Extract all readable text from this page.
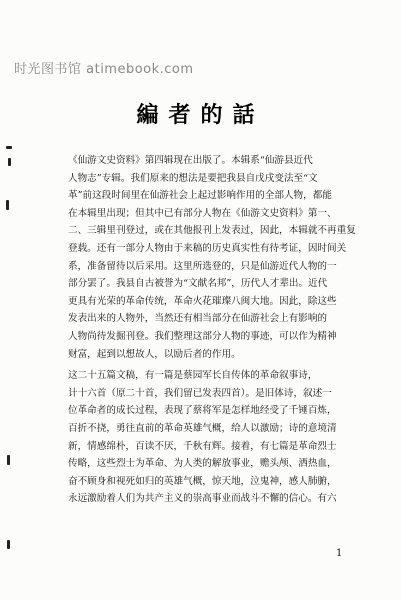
时光图书馆 atimebook.com
編者的話
《仙游文史资料》第四辑现在出版了。本辑系“仙游县近代
人物志”专辑。我们原来的想法是要把我县自戊戌变法至“文
革”前这段时间里在仙游社会上起过影响作用的全部人物，都能
在本辑里出现；但其中已有部分人物在《仙游文史资料》第一、
二、三辑里刊登过，或在其他报刊上发表过，因此，本辑就不再重复
登载。还有一部分人物由于来稿的历史真实性有待考证，因时间关
系，准备留待以后采用。这里所选登的，只是仙游近代人物的一
部分罢了。我县自古被誉为“文献名邦”，历代人才辈出。近代
更具有光荣的革命传统，革命火花璀璨八闽大地。因此，除这些
发表出来的人物外，当然还有相当部分在仙游社会上有影响的
人物尚待发掘刊登。我们整理这部分人物的事迹，可以作为精神
财富，起到以想故人，以励后者的作用。
这二十五篇文稿，有一篇是蔡园军长自传体的革命叙事诗，
计十六首（原二十首，我们留已发表四首）。是旧体诗，叙述一
位革命者的成长过程，表现了蔡将军是怎样地经受了千锤百炼，
百折不挠，勇往直前的革命英雄气概，给人以激励；诗的意境清
新，情感绵朴，百读不厌，千秋有辉。接着，有七篇是革命烈士
传略，这些烈士为革命、为人类的解放事业，赡头颅、洒热血，
奋不顾身和视死如归的英雄气概，惊天地，泣鬼神，感人肺腑，
永远激励着人们为共产主义的崇高事业而战斗不懈的信心。有六
1
